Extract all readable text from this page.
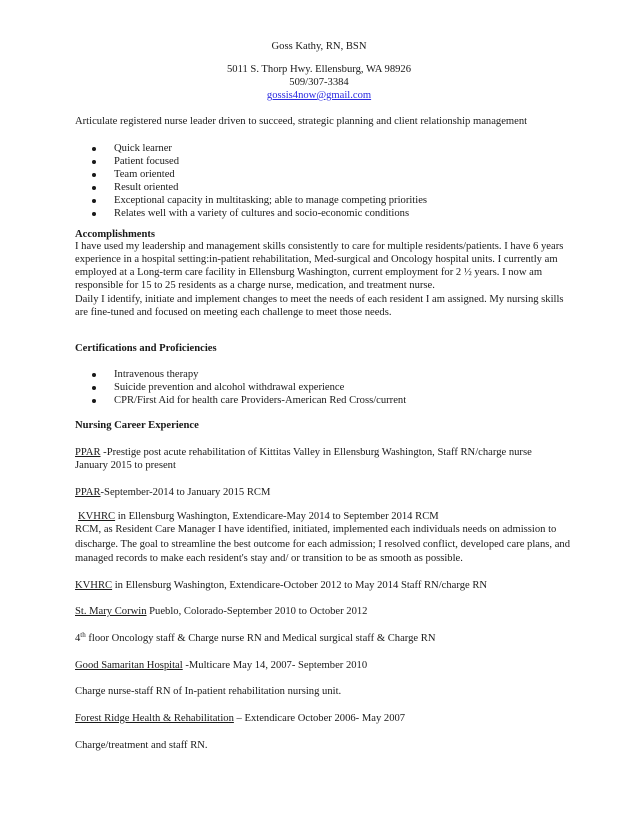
Goss Kathy, RN, BSN
5011 S. Thorp Hwy. Ellensburg, WA 98926
509/307-3384
gossis4now@gmail.com
Articulate registered nurse leader driven to succeed, strategic planning and client relationship management
Quick learner
Patient focused
Team oriented
Result oriented
Exceptional capacity in multitasking; able to manage competing priorities
Relates well with a variety of cultures and socio-economic conditions
Accomplishments
I have used my leadership and management skills consistently to care for multiple residents/patients. I have 6 years
experience in a hospital setting:in-patient rehabilitation, Med-surgical and Oncology hospital units. I currently am
employed at a Long-term care facility in Ellensburg Washington, current employment for 2 ½ years. I now am
responsible for 15 to 25 residents as a charge nurse, medication, and treatment nurse.
Daily I identify, initiate and implement changes to meet the needs of each resident I am assigned. My nursing skills
are fine-tuned and focused on meeting each challenge to meet those needs.
Certifications and Proficiencies
Intravenous therapy
Suicide prevention and alcohol withdrawal experience
CPR/First Aid for health care Providers-American Red Cross/current
Nursing Career Experience
PPAR -Prestige post acute rehabilitation of Kittitas Valley in Ellensburg Washington, Staff RN/charge nurse
January 2015 to present
PPAR-September-2014 to January 2015 RCM
KVHRC in Ellensburg Washington, Extendicare-May 2014 to September 2014 RCM
RCM, as Resident Care Manager I have identified, initiated, implemented each individuals needs on admission to
discharge. The goal to streamline the best outcome for each admission; I resolved conflict, developed care plans, and
managed records to make each resident's stay and/ or transition to be as smooth as possible.
KVHRC in Ellensburg Washington, Extendicare-October 2012 to May 2014 Staff RN/charge RN
St. Mary Corwin Pueblo, Colorado-September 2010 to October 2012
4th floor Oncology staff & Charge nurse RN and Medical surgical staff & Charge RN
Good Samaritan Hospital -Multicare May 14, 2007- September 2010
Charge nurse-staff RN of In-patient rehabilitation nursing unit.
Forest Ridge Health & Rehabilitation – Extendicare October 2006- May 2007
Charge/treatment and staff RN.
